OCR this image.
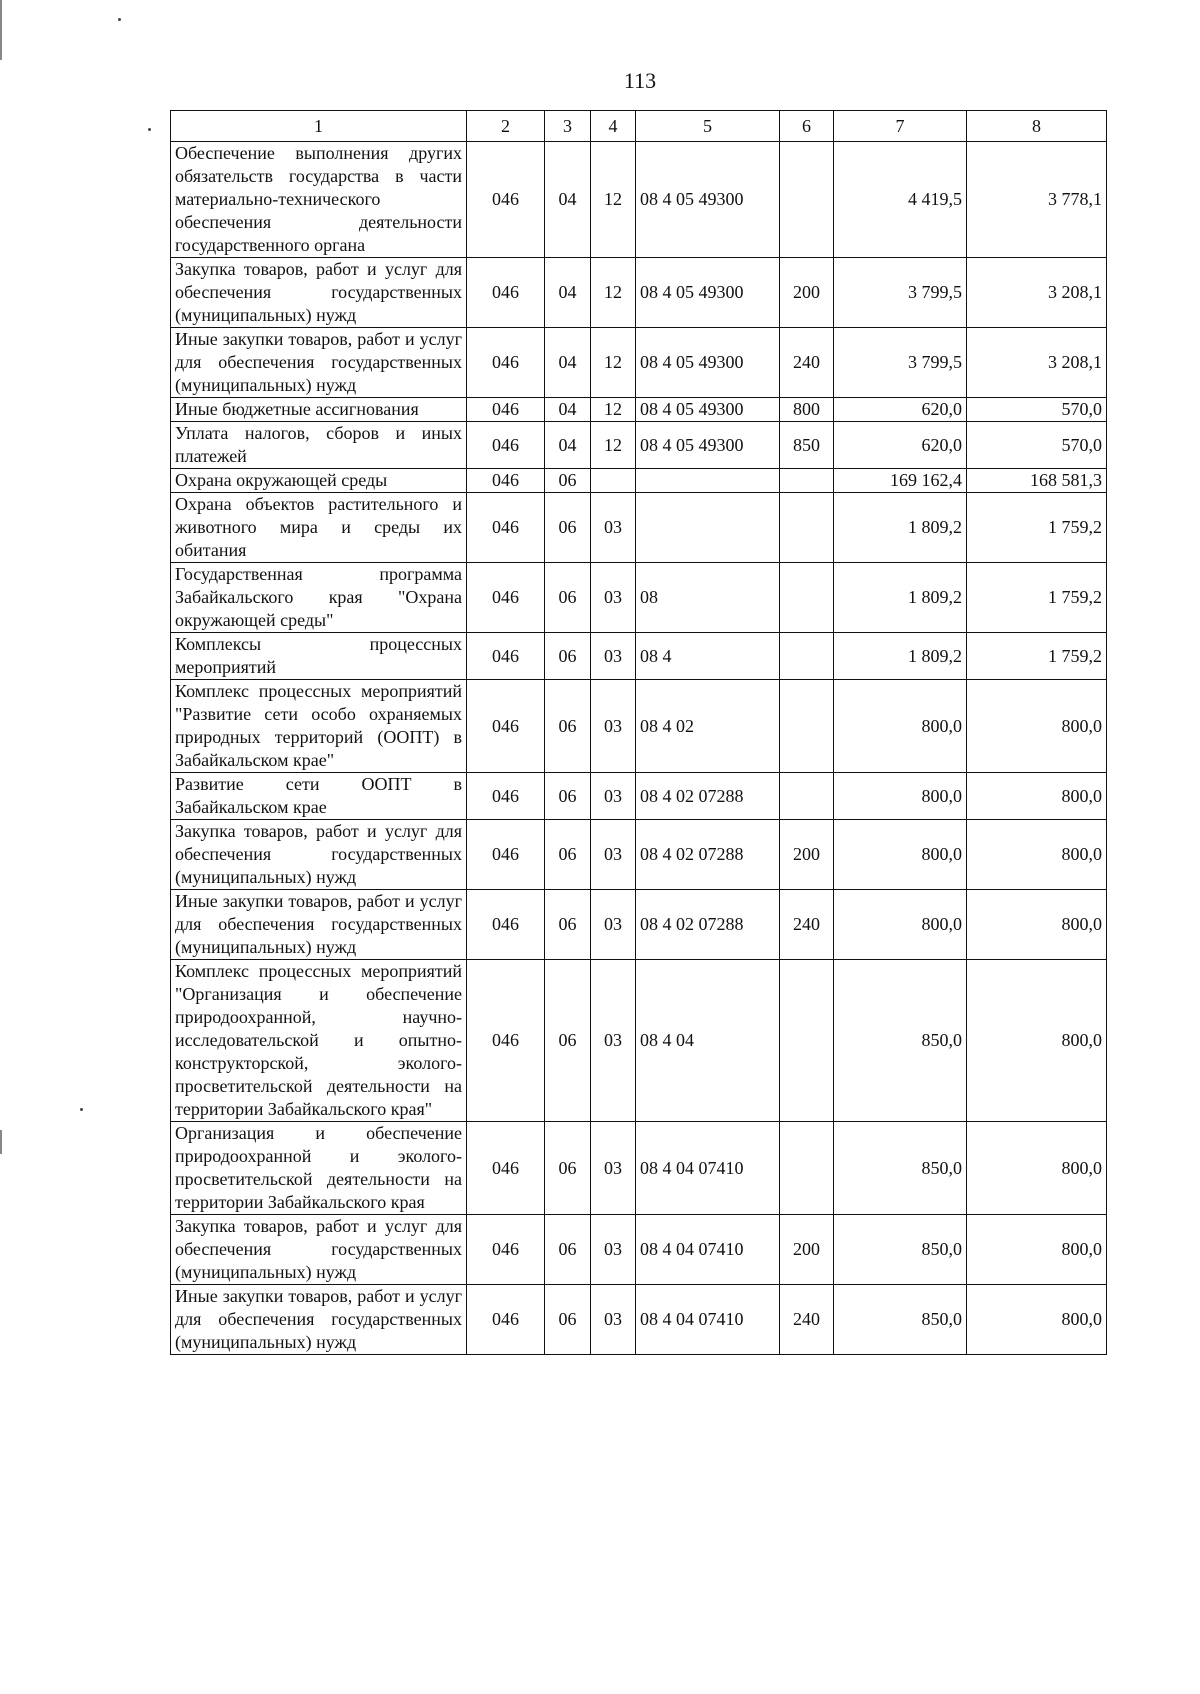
113
1	2	3	4	5	6	7	8
Обеспечение выполнения других обязательств государства в части материально-технического обеспечения деятельности государственного органа	046	04	12	08 4 05 49300		4 419,5	3 778,1
Закупка товаров, работ и услуг для обеспечения государственных (муниципальных) нужд	046	04	12	08 4 05 49300	200	3 799,5	3 208,1
Иные закупки товаров, работ и услуг для обеспечения государственных (муниципальных) нужд	046	04	12	08 4 05 49300	240	3 799,5	3 208,1
Иные бюджетные ассигнования	046	04	12	08 4 05 49300	800	620,0	570,0
Уплата налогов, сборов и иных платежей	046	04	12	08 4 05 49300	850	620,0	570,0
Охрана окружающей среды	046	06				169 162,4	168 581,3
Охрана объектов растительного и животного мира и среды их обитания	046	06	03			1 809,2	1 759,2
Государственная программа Забайкальского края "Охрана окружающей среды"	046	06	03	08		1 809,2	1 759,2
Комплексы процессных мероприятий	046	06	03	08 4		1 809,2	1 759,2
Комплекс процессных мероприятий "Развитие сети особо охраняемых природных территорий (ООПТ) в Забайкальском крае"	046	06	03	08 4 02		800,0	800,0
Развитие сети ООПТ в Забайкальском крае	046	06	03	08 4 02 07288		800,0	800,0
Закупка товаров, работ и услуг для обеспечения государственных (муниципальных) нужд	046	06	03	08 4 02 07288	200	800,0	800,0
Иные закупки товаров, работ и услуг для обеспечения государственных (муниципальных) нужд	046	06	03	08 4 02 07288	240	800,0	800,0
Комплекс процессных мероприятий "Организация и обеспечение природоохранной, научно-исследовательской и опытно- конструкторской, эколого-просветительской деятельности на территории Забайкальского края"	046	06	03	08 4 04		850,0	800,0
Организация и обеспечение природоохранной и эколого-просветительской деятельности на территории Забайкальского края	046	06	03	08 4 04 07410		850,0	800,0
Закупка товаров, работ и услуг для обеспечения государственных (муниципальных) нужд	046	06	03	08 4 04 07410	200	850,0	800,0
Иные закупки товаров, работ и услуг для обеспечения государственных (муниципальных) нужд	046	06	03	08 4 04 07410	240	850,0	800,0
